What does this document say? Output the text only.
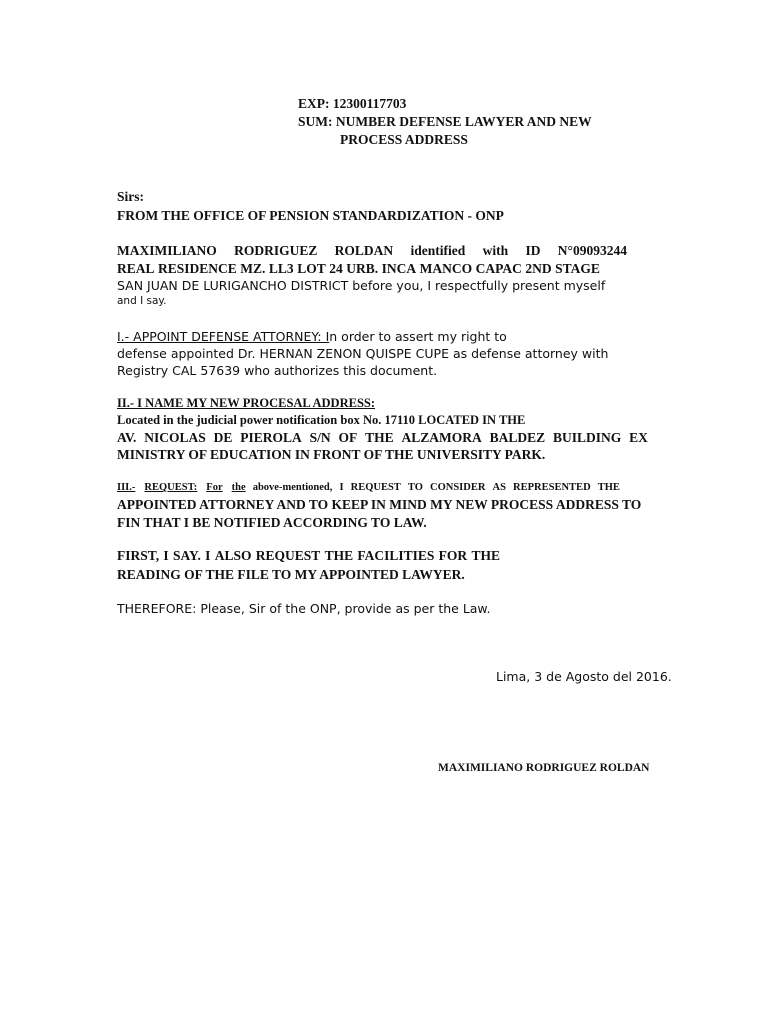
EXP: 12300117703
SUM: NUMBER DEFENSE LAWYER AND NEW
PROCESS ADDRESS
Sirs:
FROM THE OFFICE OF PENSION STANDARDIZATION - ONP
MAXIMILIANO RODRIGUEZ ROLDAN identified with ID N°09093244
REAL RESIDENCE MZ. LL3 LOT 24 URB. INCA MANCO CAPAC 2ND STAGE
SAN JUAN DE LURIGANCHO DISTRICT before you, I respectfully present myself
and I say.
I.- APPOINT DEFENSE ATTORNEY: In order to assert my right to
defense appointed Dr. HERNAN ZENON QUISPE CUPE as defense attorney with
Registry CAL 57639 who authorizes this document.
II.- I NAME MY NEW PROCESAL ADDRESS:
Located in the judicial power notification box No. 17110 LOCATED IN THE
AV. NICOLAS DE PIEROLA S/N OF THE ALZAMORA BALDEZ BUILDING EX
MINISTRY OF EDUCATION IN FRONT OF THE UNIVERSITY PARK.
III.- REQUEST: For the above-mentioned, I REQUEST TO CONSIDER AS REPRESENTED THE
APPOINTED ATTORNEY AND TO KEEP IN MIND MY NEW PROCESS ADDRESS TO
FIN THAT I BE NOTIFIED ACCORDING TO LAW.
FIRST, I SAY. I ALSO REQUEST THE FACILITIES FOR THE
READING OF THE FILE TO MY APPOINTED LAWYER.
THEREFORE: Please, Sir of the ONP, provide as per the Law.
Lima, 3 de Agosto del 2016.
MAXIMILIANO RODRIGUEZ ROLDAN
